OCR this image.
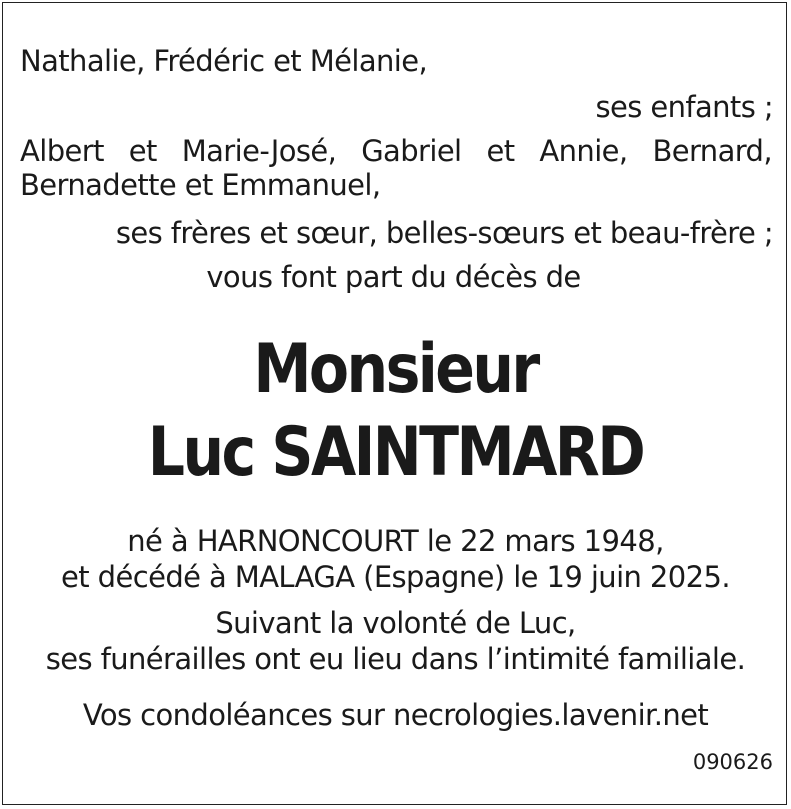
Nathalie, Frédéric et Mélanie,
ses enfants ;
Albert et Marie-José, Gabriel et Annie, Bernard,
Bernadette et Emmanuel,
ses frères et sœur, belles-sœurs et beau-frère ;
vous font part du décès de
Monsieur
Luc SAINTMARD
né à HARNONCOURT le 22 mars 1948,
et décédé à MALAGA (Espagne) le 19 juin 2025.
Suivant la volonté de Luc,
ses funérailles ont eu lieu dans l’intimité familiale.
Vos condoléances sur necrologies.lavenir.net
090626
